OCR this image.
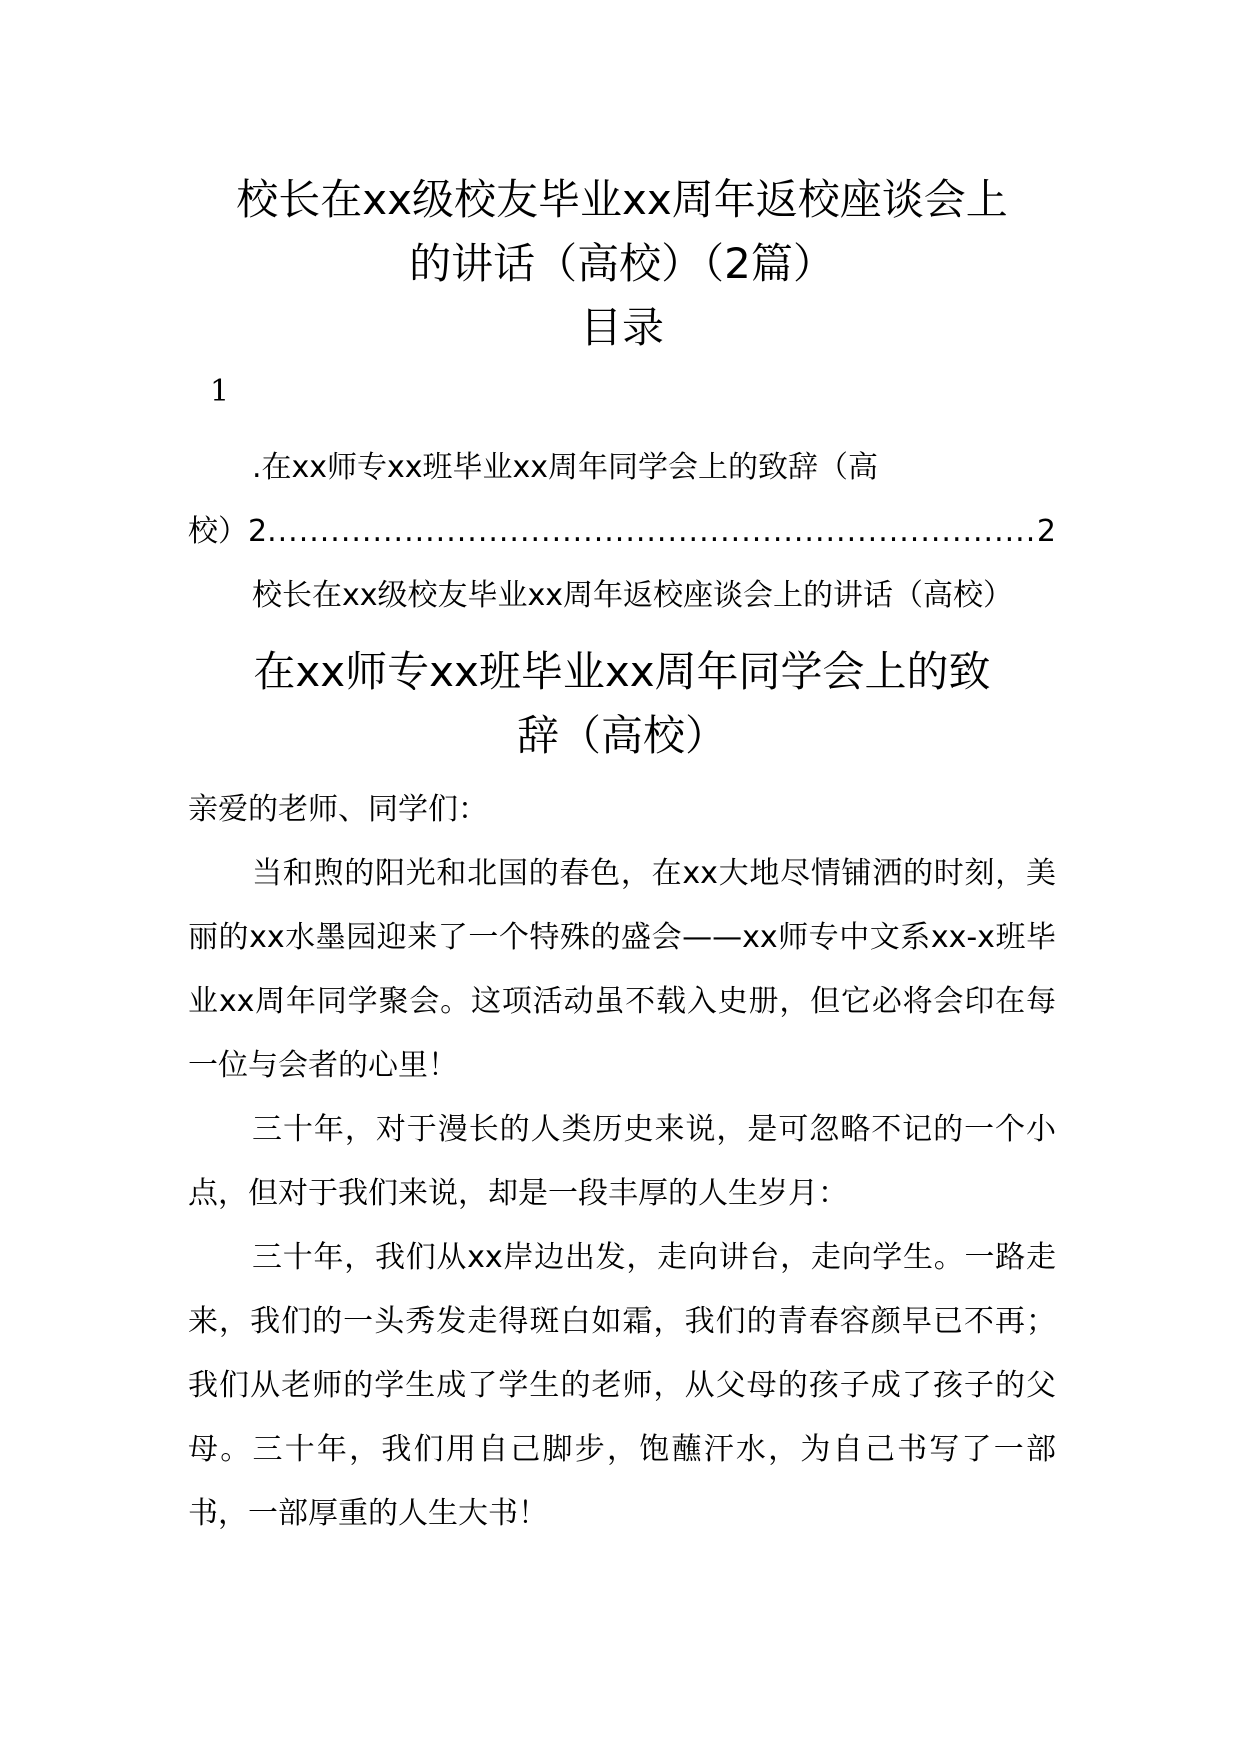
校长在xx级校友毕业xx周年返校座谈会上
的讲话（高校）（2篇）
目录
1

.在xx师专xx班毕业xx周年同学会上的致辞（高

校）2
.....	2

校长在xx级校友毕业xx周年返校座谈会上的讲话（高校）

在xx师专xx班毕业xx周年同学会上的致
辞（高校）

亲爱的老师、同学们：

当和煦的阳光和北国的春色，在xx大地尽情铺洒的时刻，美丽的xx水墨园迎来了一个特殊的盛会——xx师专中文系xx-x班毕业xx周年同学聚会。这项活动虽不载入史册，但它必将会印在每一位与会者的心里！

三十年，对于漫长的人类历史来说，是可忽略不记的一个小点，但对于我们来说，却是一段丰厚的人生岁月：

三十年，我们从xx岸边出发，走向讲台，走向学生。一路走来，我们的一头秀发走得斑白如霜，我们的青春容颜早已不再；我们从老师的学生成了学生的老师，从父母的孩子成了孩子的父母。三十年，我们用自己脚步，饱蘸汗水，为自己书写了一部书，一部厚重的人生大书！
